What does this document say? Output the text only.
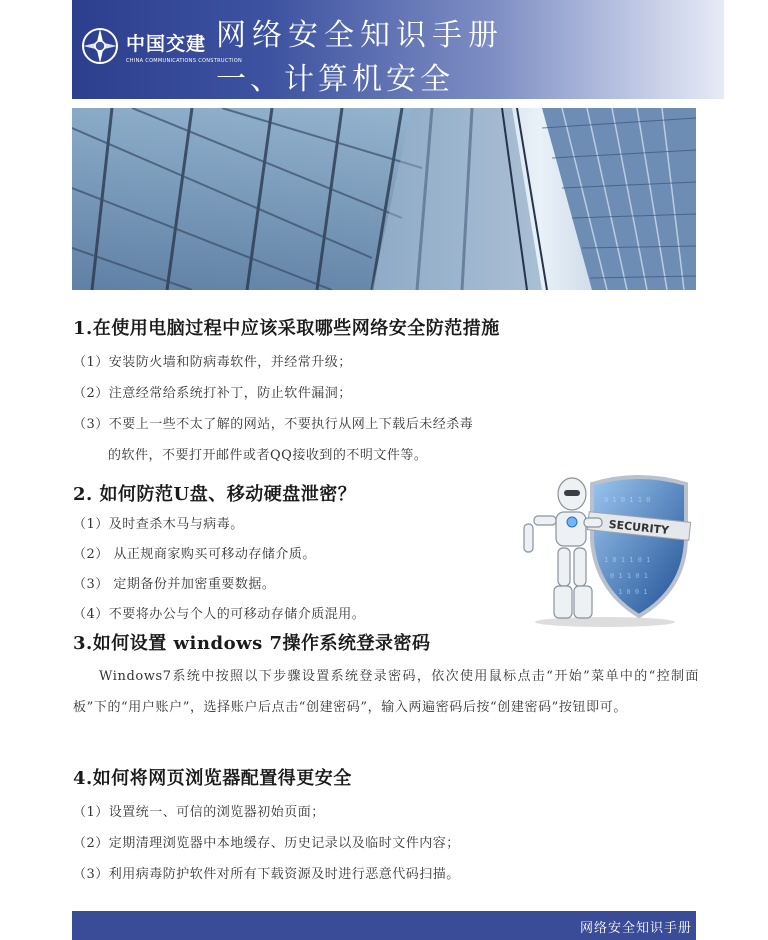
中国交建
CHINA COMMUNICATIONS CONSTRUCTION
网络安全知识手册
一、计算机安全
1.在使用电脑过程中应该采取哪些网络安全防范措施
（1）安装防火墙和防病毒软件，并经常升级；
（2）注意经常给系统打补丁，防止软件漏洞；
（3）不要上一些不太了解的网站，不要执行从网上下载后未经杀毒
的软件，不要打开邮件或者QQ接收到的不明文件等。
2. 如何防范U盘、移动硬盘泄密？
（1）及时查杀木马与病毒。
（2） 从正规商家购买可移动存储介质。
（3） 定期备份并加密重要数据。
（4）不要将办公与个人的可移动存储介质混用。
0 1 0 1 1 0
1 0 1 1 0 1
0 1 1 0 1
1 0 0 1
SECURITY
3.如何设置 windows 7操作系统登录密码
Windows7系统中按照以下步骤设置系统登录密码，依次使用鼠标点击“开始”菜单中的“控制面板”下的“用户账户”，选择账户后点击“创建密码”，输入两遍密码后按“创建密码”按钮即可。
4.如何将网页浏览器配置得更安全
（1）设置统一、可信的浏览器初始页面；
（2）定期清理浏览器中本地缓存、历史记录以及临时文件内容；
（3）利用病毒防护软件对所有下载资源及时进行恶意代码扫描。
网络安全知识手册
